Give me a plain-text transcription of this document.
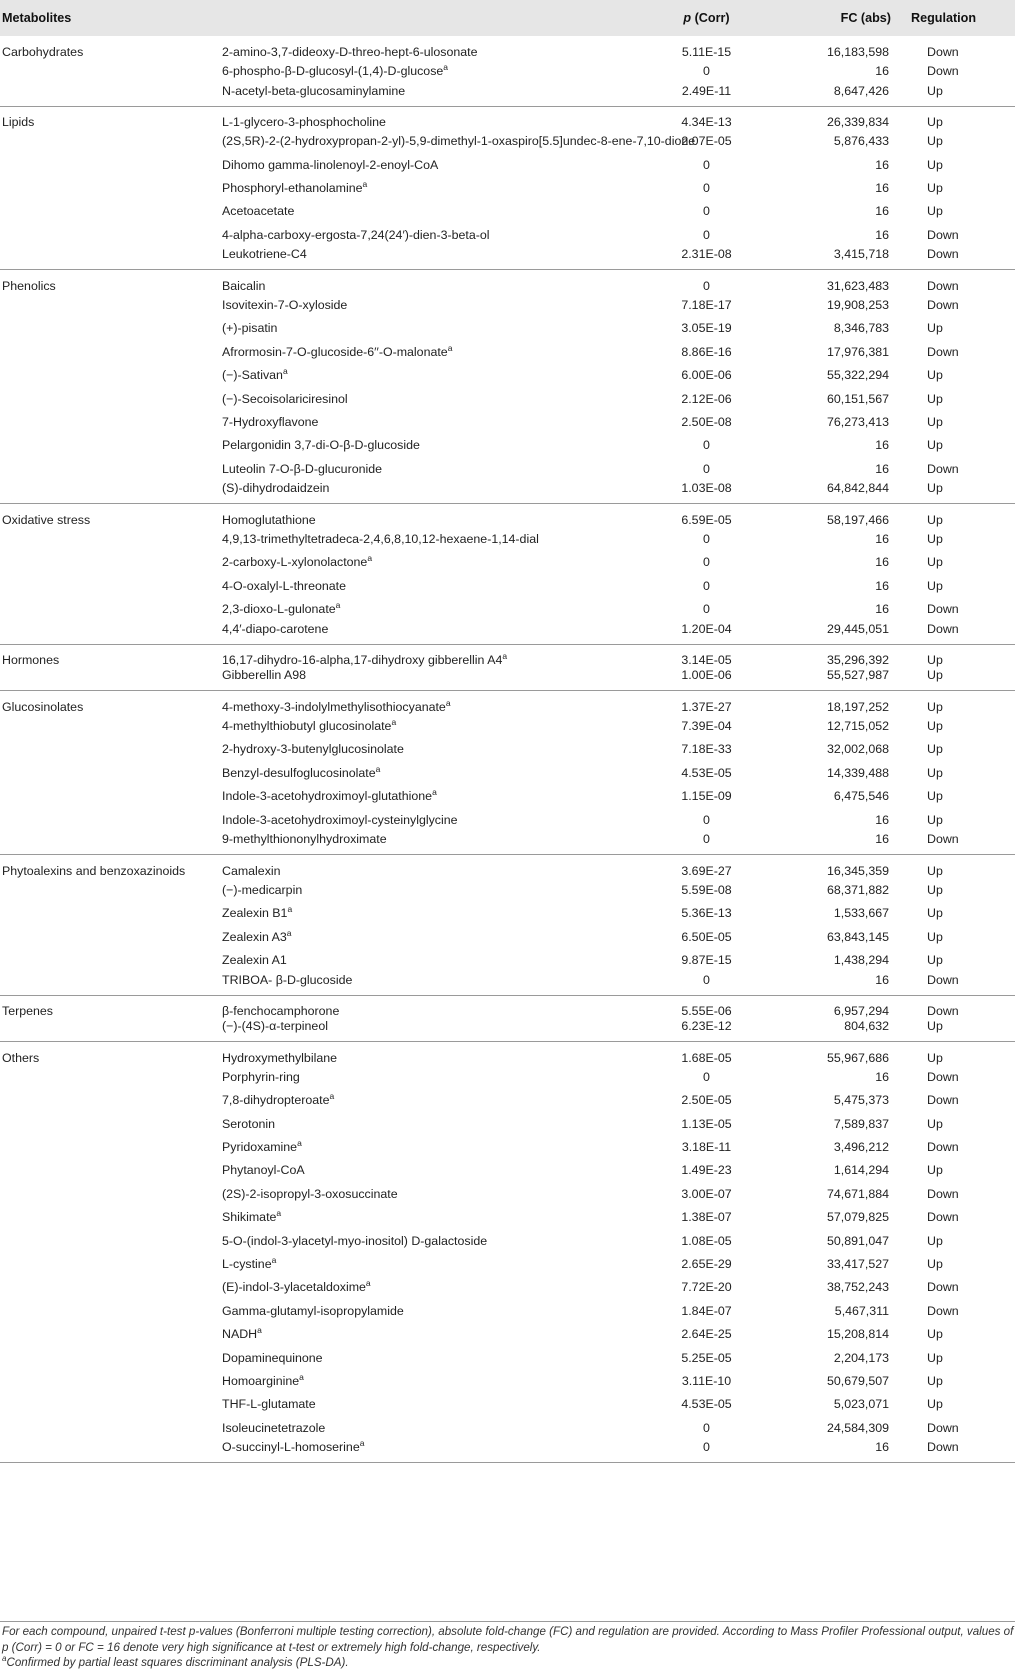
Metabolites		p (Corr)	FC (abs)	Regulation
Carbohydrates	2-amino-3,7-dideoxy-D-threo-hept-6-ulosonate	5.11E-15	16,183,598	Down
	6-phospho-β-D-glucosyl-(1,4)-D-glucose$^a$	0	16	Down
	N-acetyl-beta-glucosaminylamine	2.49E-11	8,647,426	Up
Lipids	L-1-glycero-3-phosphocholine	4.34E-13	26,339,834	Up
	(2S,5R)-2-(2-hydroxypropan-2-yl)-5,9-dimethyl-1-oxaspiro[5.5]undec-8-ene-7,10-dione	2.07E-05	5,876,433	Up
	Dihomo gamma-linolenoyl-2-enoyl-CoA	0	16	Up
	Phosphoryl-ethanolamine$^a$	0	16	Up
	Acetoacetate	0	16	Up
	4-alpha-carboxy-ergosta-7,24(24′)-dien-3-beta-ol	0	16	Down
	Leukotriene-C4	2.31E-08	3,415,718	Down
Phenolics	Baicalin	0	31,623,483	Down
	Isovitexin-7-O-xyloside	7.18E-17	19,908,253	Down
	(+)-pisatin	3.05E-19	8,346,783	Up
	Afrormosin-7-O-glucoside-6′′-O-malonate$^a$	8.86E-16	17,976,381	Down
	(−)-Sativan$^a$	6.00E-06	55,322,294	Up
	(−)-Secoisolariciresinol	2.12E-06	60,151,567	Up
	7-Hydroxyflavone	2.50E-08	76,273,413	Up
	Pelargonidin 3,7-di-O-β-D-glucoside	0	16	Up
	Luteolin 7-O-β-D-glucuronide	0	16	Down
	(S)-dihydrodaidzein	1.03E-08	64,842,844	Up
Oxidative stress	Homoglutathione	6.59E-05	58,197,466	Up
	4,9,13-trimethyltetradeca-2,4,6,8,10,12-hexaene-1,14-dial	0	16	Up
	2-carboxy-L-xylonolactone$^a$	0	16	Up
	4-O-oxalyl-L-threonate	0	16	Up
	2,3-dioxo-L-gulonate$^a$	0	16	Down
	4,4′-diapo-carotene	1.20E-04	29,445,051	Down
Hormones	16,17-dihydro-16-alpha,17-dihydroxy gibberellin A4$^a$	3.14E-05	35,296,392	Up
	Gibberellin A98	1.00E-06	55,527,987	Up
Glucosinolates	4-methoxy-3-indolylmethylisothiocyanate$^a$	1.37E-27	18,197,252	Up
	4-methylthiobutyl glucosinolate$^a$	7.39E-04	12,715,052	Up
	2-hydroxy-3-butenylglucosinolate	7.18E-33	32,002,068	Up
	Benzyl-desulfoglucosinolate$^a$	4.53E-05	14,339,488	Up
	Indole-3-acetohydroximoyl-glutathione$^a$	1.15E-09	6,475,546	Up
	Indole-3-acetohydroximoyl-cysteinylglycine	0	16	Up
	9-methylthiononylhydroximate	0	16	Down
Phytoalexins and benzoxazinoids	Camalexin	3.69E-27	16,345,359	Up
	(−)-medicarpin	5.59E-08	68,371,882	Up
	Zealexin B1$^a$	5.36E-13	1,533,667	Up
	Zealexin A3$^a$	6.50E-05	63,843,145	Up
	Zealexin A1	9.87E-15	1,438,294	Up
	TRIBOA- β-D-glucoside	0	16	Down
Terpenes	β-fenchocamphorone	5.55E-06	6,957,294	Down
	(−)-(4S)-α-terpineol	6.23E-12	804,632	Up
Others	Hydroxymethylbilane	1.68E-05	55,967,686	Up
	Porphyrin-ring	0	16	Down
	7,8-dihydropteroate$^a$	2.50E-05	5,475,373	Down
	Serotonin	1.13E-05	7,589,837	Up
	Pyridoxamine$^a$	3.18E-11	3,496,212	Down
	Phytanoyl-CoA	1.49E-23	1,614,294	Up
	(2S)-2-isopropyl-3-oxosuccinate	3.00E-07	74,671,884	Down
	Shikimate$^a$	1.38E-07	57,079,825	Down
	5-O-(indol-3-ylacetyl-myo-inositol) D-galactoside	1.08E-05	50,891,047	Up
	L-cystine$^a$	2.65E-29	33,417,527	Up
	(E)-indol-3-ylacetaldoxime$^a$	7.72E-20	38,752,243	Down
	Gamma-glutamyl-isopropylamide	1.84E-07	5,467,311	Down
	NADH$^a$	2.64E-25	15,208,814	Up
	Dopaminequinone	5.25E-05	2,204,173	Up
	Homoarginine$^a$	3.11E-10	50,679,507	Up
	THF-L-glutamate	4.53E-05	5,023,071	Up
	Isoleucinetetrazole	0	24,584,309	Down
	O-succinyl-L-homoserine$^a$	0	16	Down

For each compound, unpaired t-test p-values (Bonferroni multiple testing correction), absolute fold-change (FC) and regulation are provided. According to Mass Profiler Professional output, values of p (Corr) = 0 or FC = 16 denote very high significance at t-test or extremely high fold-change, respectively.

$^a$Confirmed by partial least squares discriminant analysis (PLS-DA).
